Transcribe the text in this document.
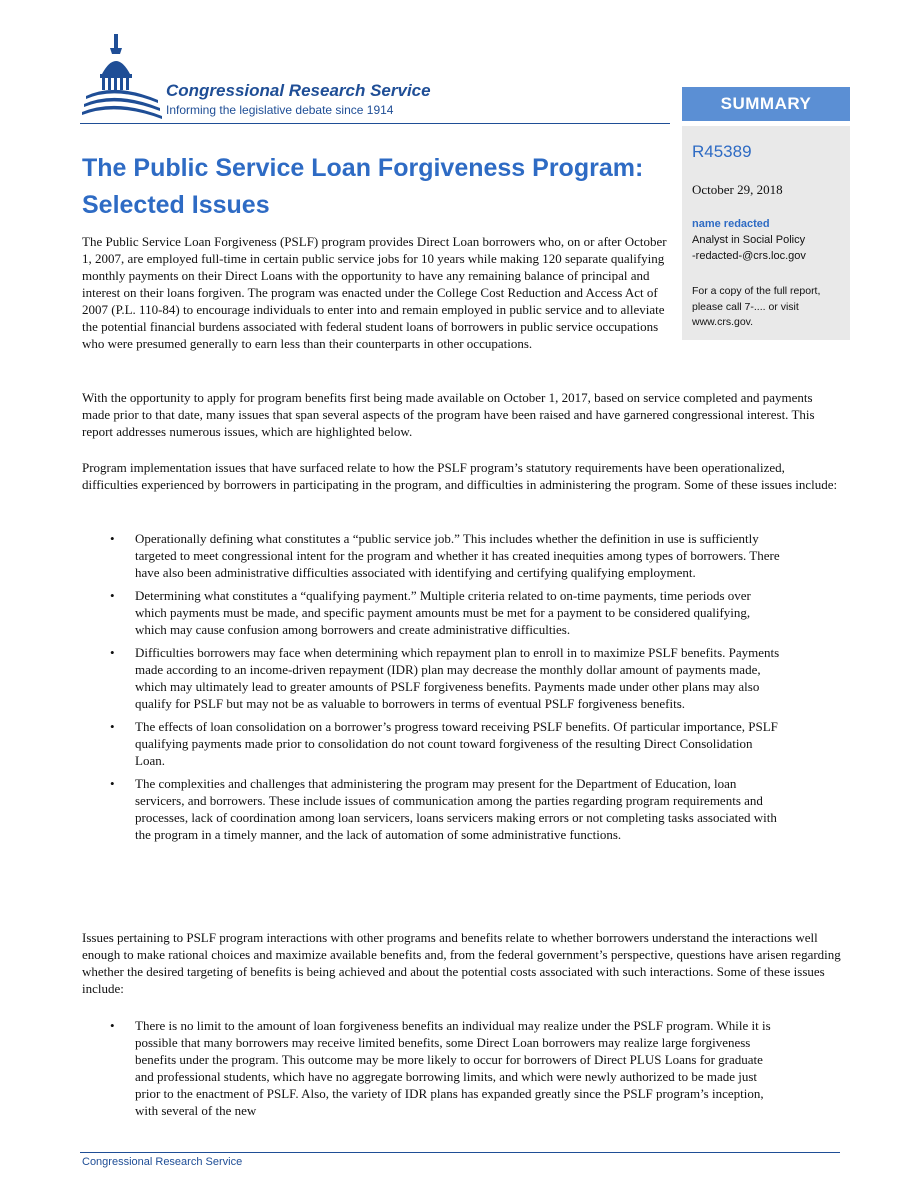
Congressional Research Service
Informing the legislative debate since 1914	SUMMARY
R45389
October 29, 2018
name redacted
Analyst in Social Policy
-redacted-@crs.loc.gov
For a copy of the full report, please call 7-.... or visit www.crs.gov.
The Public Service Loan Forgiveness Program:
Selected Issues

The Public Service Loan Forgiveness (PSLF) program provides Direct Loan borrowers who, on or after October 1, 2007, are employed full-time in certain public service jobs for 10 years while making 120 separate qualifying monthly payments on their Direct Loans with the opportunity to have any remaining balance of principal and interest on their loans forgiven. The program was enacted under the College Cost Reduction and Access Act of 2007 (P.L. 110-84) to encourage individuals to enter into and remain employed in public service and to alleviate the potential financial burdens associated with federal student loans of borrowers in public service occupations who were presumed generally to earn less than their counterparts in other occupations.

With the opportunity to apply for program benefits first being made available on October 1, 2017, based on service completed and payments made prior to that date, many issues that span several aspects of the program have been raised and have garnered congressional interest. This report addresses numerous issues, which are highlighted below.

Program implementation issues that have surfaced relate to how the PSLF program’s statutory requirements have been operationalized, difficulties experienced by borrowers in participating in the program, and difficulties in administering the program. Some of these issues include:

• Operationally defining what constitutes a “public service job.” This includes whether the definition in use is sufficiently targeted to meet congressional intent for the program and whether it has created inequities among types of borrowers. There have also been administrative difficulties associated with identifying and certifying qualifying employment.
• Determining what constitutes a “qualifying payment.” Multiple criteria related to on-time payments, time periods over which payments must be made, and specific payment amounts must be met for a payment to be considered qualifying, which may cause confusion among borrowers and create administrative difficulties.
• Difficulties borrowers may face when determining which repayment plan to enroll in to maximize PSLF benefits. Payments made according to an income-driven repayment (IDR) plan may decrease the monthly dollar amount of payments made, which may ultimately lead to greater amounts of PSLF forgiveness benefits. Payments made under other plans may also qualify for PSLF but may not be as valuable to borrowers in terms of eventual PSLF forgiveness benefits.
• The effects of loan consolidation on a borrower’s progress toward receiving PSLF benefits. Of particular importance, PSLF qualifying payments made prior to consolidation do not count toward forgiveness of the resulting Direct Consolidation Loan.
• The complexities and challenges that administering the program may present for the Department of Education, loan servicers, and borrowers. These include issues of communication among the parties regarding program requirements and processes, lack of coordination among loan servicers, loans servicers making errors or not completing tasks associated with the program in a timely manner, and the lack of automation of some administrative functions.

Issues pertaining to PSLF program interactions with other programs and benefits relate to whether borrowers understand the interactions well enough to make rational choices and maximize available benefits and, from the federal government’s perspective, questions have arisen regarding whether the desired targeting of benefits is being achieved and about the potential costs associated with such interactions. Some of these issues include:

• There is no limit to the amount of loan forgiveness benefits an individual may realize under the PSLF program. While it is possible that many borrowers may receive limited benefits, some Direct Loan borrowers may realize large forgiveness benefits under the program. This outcome may be more likely to occur for borrowers of Direct PLUS Loans for graduate and professional students, which have no aggregate borrowing limits, and which were newly authorized to be made just prior to the enactment of PSLF. Also, the variety of IDR plans has expanded greatly since the PSLF program’s inception, with several of the new
Congressional Research Service
